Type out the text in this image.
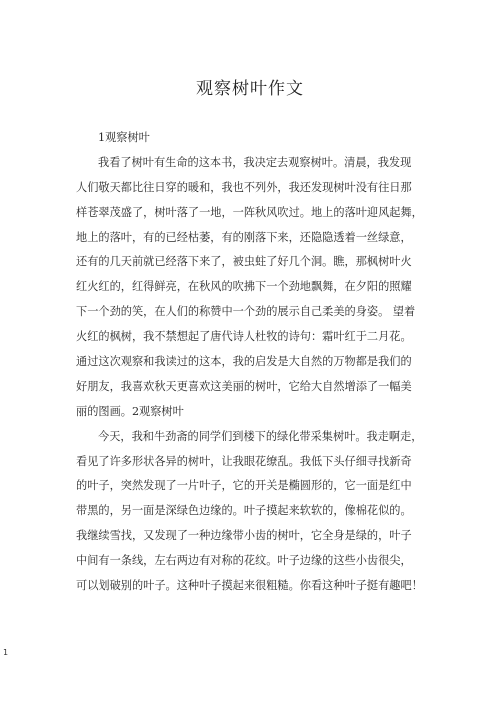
观察树叶作文
1观察树叶
我看了树叶有生命的这本书，我决定去观察树叶。清晨，我发现
人们敬天都比往日穿的暖和，我也不列外，我还发现树叶没有往日那
样苍翠茂盛了，树叶落了一地，一阵秋风吹过。地上的落叶迎风起舞，
地上的落叶，有的已经枯萎，有的刚落下来，还隐隐透着一丝绿意，
还有的几天前就已经落下来了，被虫蛀了好几个洞。瞧，那枫树叶火
红火红的，红得鲜亮，在秋风的吹拂下一个劲地飘舞，在夕阳的照耀
下一个劲的笑，在人们的称赞中一个劲的展示自己柔美的身姿。 望着
火红的枫树，我不禁想起了唐代诗人杜牧的诗句：霜叶红于二月花。
通过这次观察和我读过的这本，我的启发是大自然的万物都是我们的
好朋友，我喜欢秋天更喜欢这美丽的树叶，它给大自然增添了一幅美
丽的图画。2观察树叶
今天，我和牛劲斋的同学们到楼下的绿化带采集树叶。我走啊走，
看见了许多形状各异的树叶，让我眼花缭乱。我低下头仔细寻找新奇
的叶子，突然发现了一片叶子，它的开关是椭圆形的，它一面是红中
带黑的，另一面是深绿色边缘的。叶子摸起来软软的，像棉花似的。
我继续雪找，又发现了一种边缘带小齿的树叶，它全身是绿的，叶子
中间有一条线，左右两边有对称的花纹。叶子边缘的这些小齿很尖，
可以划破别的叶子。这种叶子摸起来很粗糙。你看这种叶子挺有趣吧！
1
